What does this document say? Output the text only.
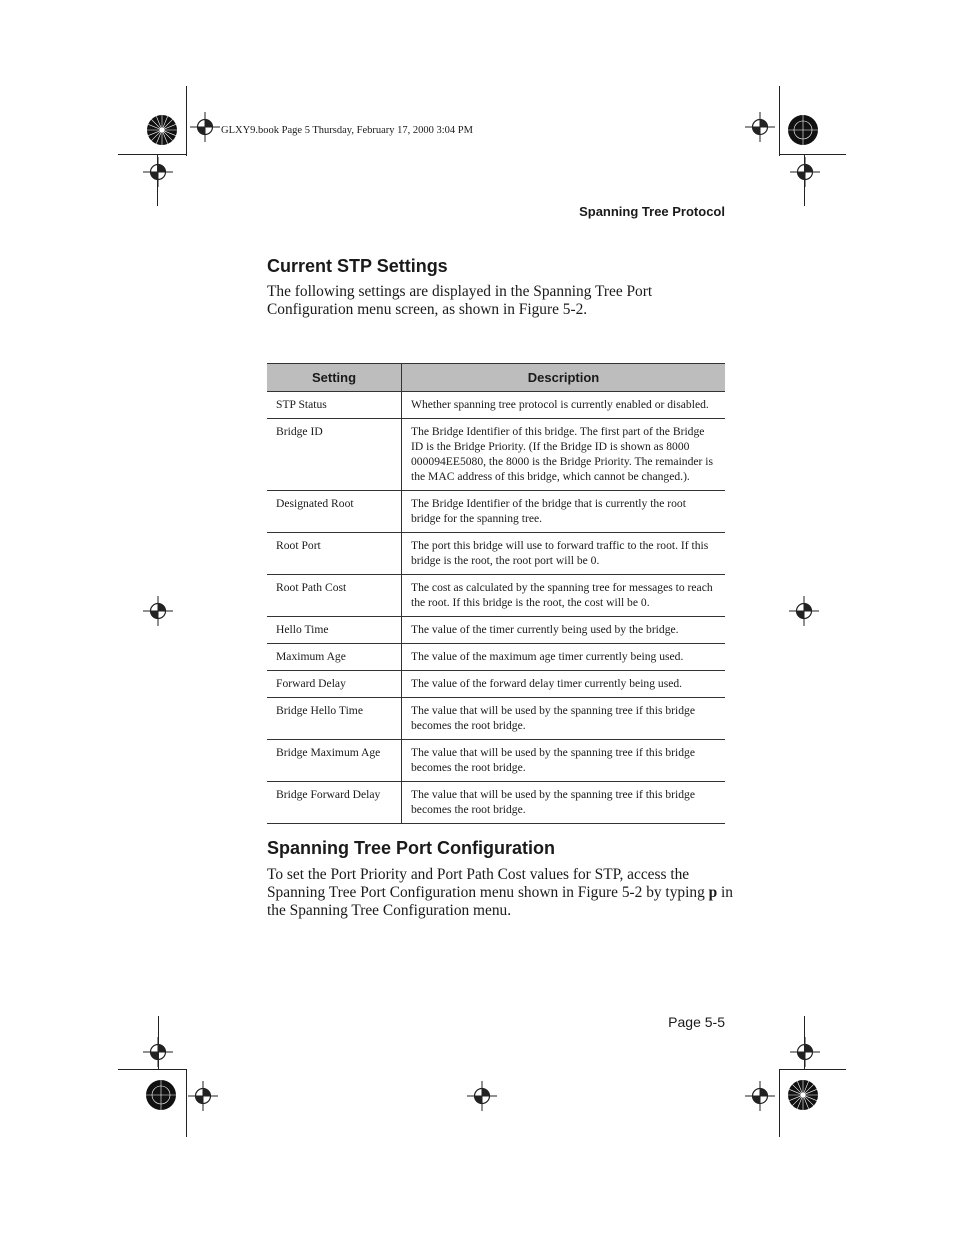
GLXY9.book Page 5 Thursday, February 17, 2000 3:04 PM
Spanning Tree Protocol
Current STP Settings

The following settings are displayed in the Spanning Tree Port Configuration menu screen, as shown in Figure 5-2.

Setting	Description
STP Status	Whether spanning tree protocol is currently enabled or disabled.
Bridge ID	The Bridge Identifier of this bridge. The first part of the Bridge ID is the Bridge Priority. (If the Bridge ID is shown as 8000 000094EE5080, the 8000 is the Bridge Priority. The remainder is the MAC address of this bridge, which cannot be changed.).
Designated Root	The Bridge Identifier of the bridge that is currently the root bridge for the spanning tree.
Root Port	The port this bridge will use to forward traffic to the root. If this bridge is the root, the root port will be 0.
Root Path Cost	The cost as calculated by the spanning tree for messages to reach the root. If this bridge is the root, the cost will be 0.
Hello Time	The value of the timer currently being used by the bridge.
Maximum Age	The value of the maximum age timer currently being used.
Forward Delay	The value of the forward delay timer currently being used.
Bridge Hello Time	The value that will be used by the spanning tree if this bridge becomes the root bridge.
Bridge Maximum Age	The value that will be used by the spanning tree if this bridge becomes the root bridge.
Bridge Forward Delay	The value that will be used by the spanning tree if this bridge becomes the root bridge.
Spanning Tree Port Configuration

To set the Port Priority and Port Path Cost values for STP, access the Spanning Tree Port Configuration menu shown in Figure 5-2 by typing p in the Spanning Tree Configuration menu.

Page 5-5
